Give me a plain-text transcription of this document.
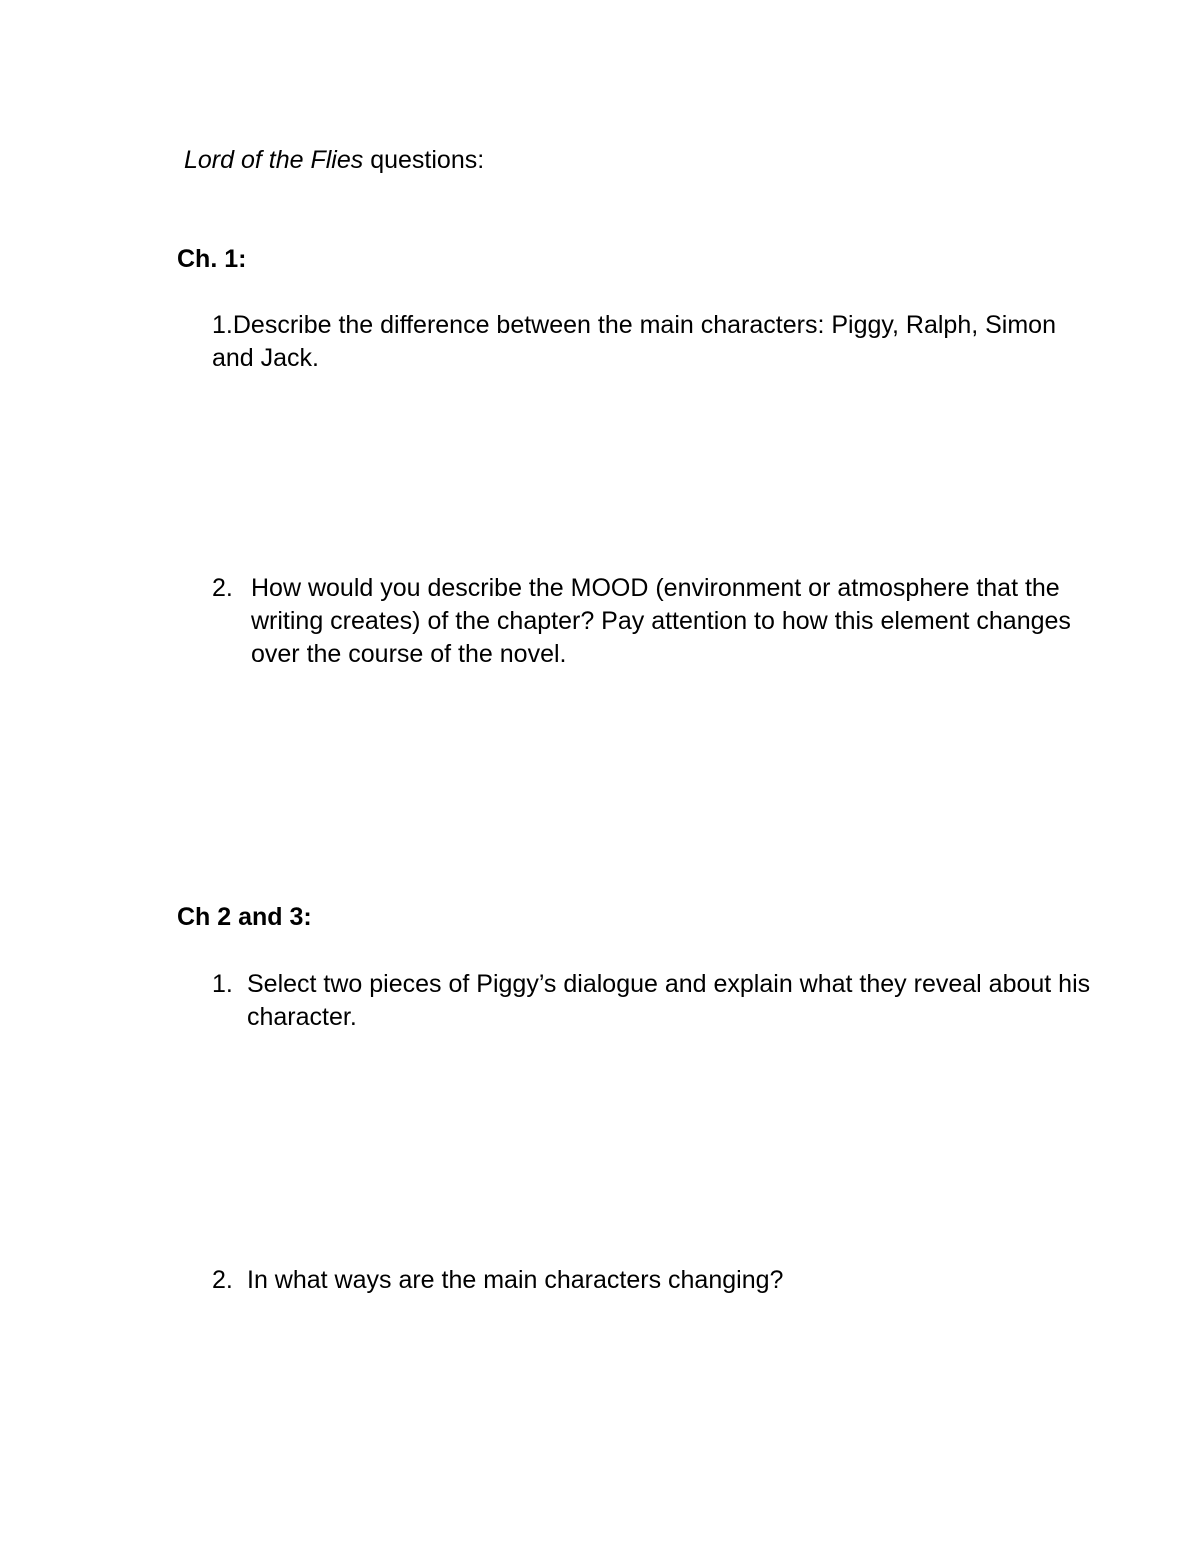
Lord of the Flies questions:
Ch. 1:
1.Describe the difference between the main characters: Piggy, Ralph, Simon and Jack.
2. How would you describe the MOOD (environment or atmosphere that the writing creates) of the chapter? Pay attention to how this element changes over the course of the novel.
Ch 2 and 3:
1. Select two pieces of Piggy’s dialogue and explain what they reveal about his character.
2. In what ways are the main characters changing?
